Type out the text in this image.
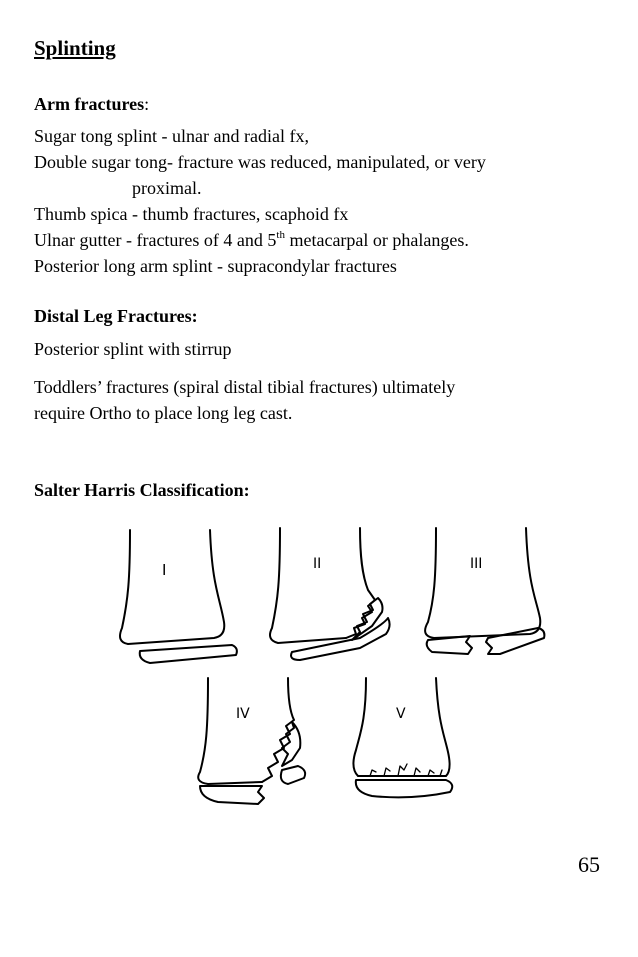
Splinting
Arm fractures:
Sugar tong splint - ulnar and radial fx,
Double sugar tong- fracture was reduced, manipulated, or very
proximal.
Thumb spica - thumb fractures, scaphoid fx
Ulnar gutter - fractures of 4 and 5th metacarpal or phalanges.
Posterior long arm splint - supracondylar fractures
Distal Leg Fractures:
Posterior splint with stirrup
Toddlers’ fractures (spiral distal tibial fractures) ultimately
require Ortho to place long leg cast.
Salter Harris Classification:
I	II	III
IV	V
65
